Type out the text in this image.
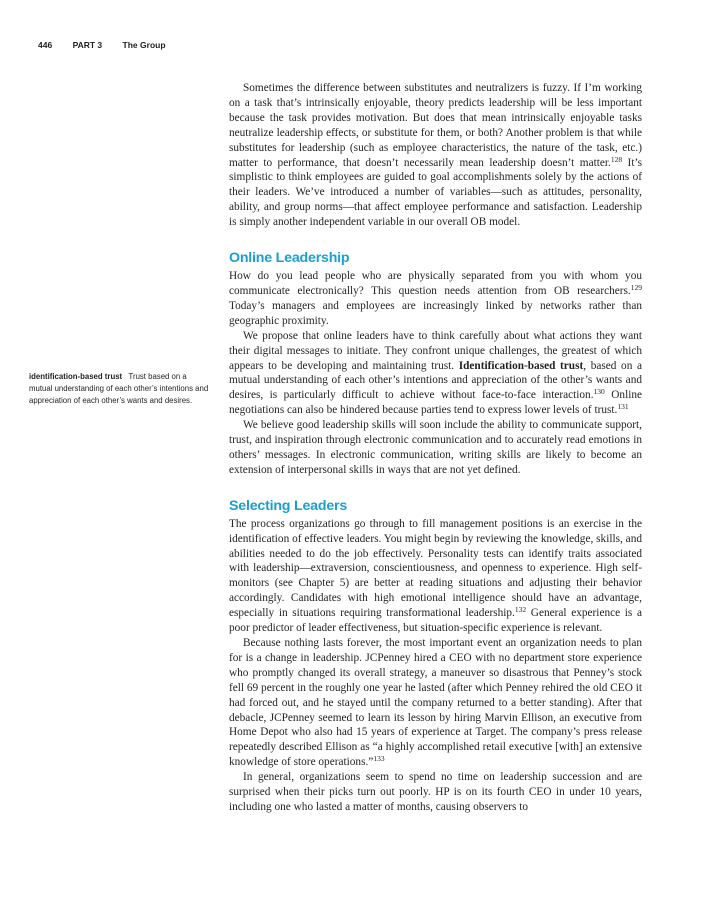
446 PART 3 The Group
identification-based trust Trust based on a mutual understanding of each other’s intentions and appreciation of each other’s wants and desires.

Sometimes the difference between substitutes and neutralizers is fuzzy. If I’m working on a task that’s intrinsically enjoyable, theory predicts leadership will be less important because the task provides motivation. But does that mean intrinsically enjoyable tasks neutralize leadership effects, or substitute for them, or both? Another problem is that while substitutes for leadership (such as employee characteristics, the nature of the task, etc.) matter to performance, that doesn’t necessarily mean leadership doesn’t matter.$^{128}$ It’s simplistic to think employees are guided to goal accomplishments solely by the actions of their leaders. We’ve introduced a number of variables—such as attitudes, personality, ability, and group norms—that affect employee performance and satisfaction. Leadership is simply another independent variable in our overall OB model.

Online Leadership

How do you lead people who are physically separated from you with whom you communicate electronically? This question needs attention from OB researchers.$^{129}$ Today’s managers and employees are increasingly linked by networks rather than geographic proximity.

We propose that online leaders have to think carefully about what actions they want their digital messages to initiate. They confront unique challenges, the greatest of which appears to be developing and maintaining trust. Identification-based trust, based on a mutual understanding of each other’s intentions and appreciation of the other’s wants and desires, is particularly difficult to achieve without face-to-face interaction.$^{130}$ Online negotiations can also be hindered because parties tend to express lower levels of trust.$^{131}$

We believe good leadership skills will soon include the ability to communicate support, trust, and inspiration through electronic communication and to accurately read emotions in others’ messages. In electronic communication, writing skills are likely to become an extension of interpersonal skills in ways that are not yet defined.

Selecting Leaders

The process organizations go through to fill management positions is an exercise in the identification of effective leaders. You might begin by reviewing the knowledge, skills, and abilities needed to do the job effectively. Personality tests can identify traits associated with leadership—extraversion, conscientiousness, and openness to experience. High self-monitors (see Chapter 5) are better at reading situations and adjusting their behavior accordingly. Candidates with high emotional intelligence should have an advantage, especially in situations requiring transformational leadership.$^{132}$ General experience is a poor predictor of leader effectiveness, but situation-specific experience is relevant.

Because nothing lasts forever, the most important event an organization needs to plan for is a change in leadership. JCPenney hired a CEO with no department store experience who promptly changed its overall strategy, a maneuver so disastrous that Penney’s stock fell 69 percent in the roughly one year he lasted (after which Penney rehired the old CEO it had forced out, and he stayed until the company returned to a better standing). After that debacle, JCPenney seemed to learn its lesson by hiring Marvin Ellison, an executive from Home Depot who also had 15 years of experience at Target. The company’s press release repeatedly described Ellison as “a highly accomplished retail executive [with] an extensive knowledge of store operations.”$^{133}$

In general, organizations seem to spend no time on leadership succession and are surprised when their picks turn out poorly. HP is on its fourth CEO in under 10 years, including one who lasted a matter of months, causing observers to
